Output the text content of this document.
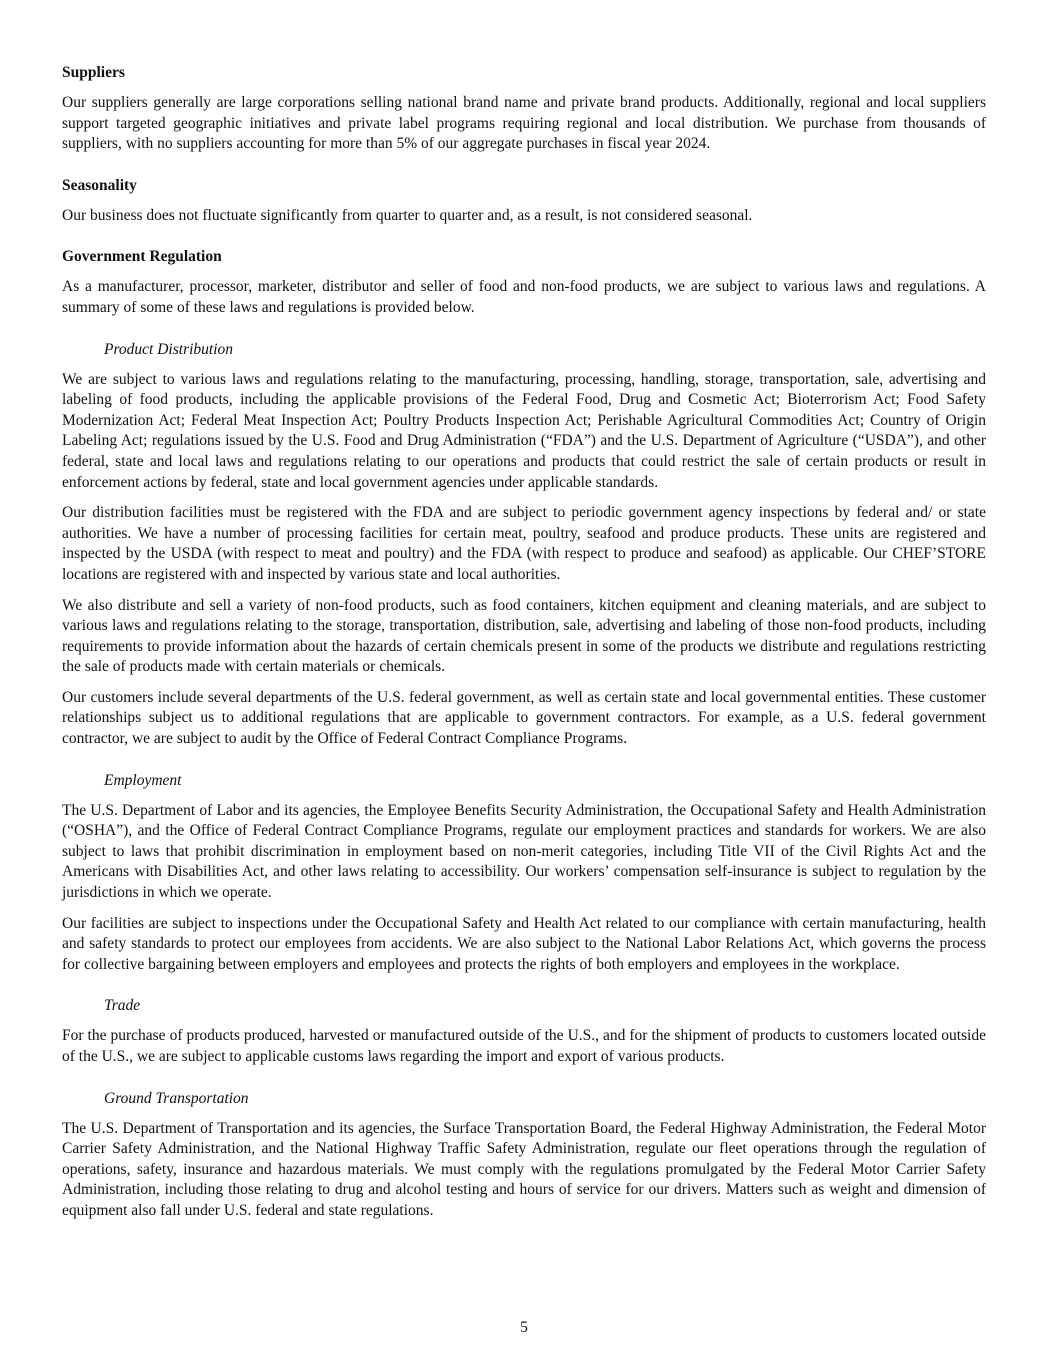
Suppliers

Our suppliers generally are large corporations selling national brand name and private brand products. Additionally, regional and local suppliers support targeted geographic initiatives and private label programs requiring regional and local distribution. We purchase from thousands of suppliers, with no suppliers accounting for more than 5% of our aggregate purchases in fiscal year 2024.

Seasonality

Our business does not fluctuate significantly from quarter to quarter and, as a result, is not considered seasonal.

Government Regulation

As a manufacturer, processor, marketer, distributor and seller of food and non-food products, we are subject to various laws and regulations. A summary of some of these laws and regulations is provided below.

Product Distribution

We are subject to various laws and regulations relating to the manufacturing, processing, handling, storage, transportation, sale, advertising and labeling of food products, including the applicable provisions of the Federal Food, Drug and Cosmetic Act; Bioterrorism Act; Food Safety Modernization Act; Federal Meat Inspection Act; Poultry Products Inspection Act; Perishable Agricultural Commodities Act; Country of Origin Labeling Act; regulations issued by the U.S. Food and Drug Administration (“FDA”) and the U.S. Department of Agriculture (“USDA”), and other federal, state and local laws and regulations relating to our operations and products that could restrict the sale of certain products or result in enforcement actions by federal, state and local government agencies under applicable standards.

Our distribution facilities must be registered with the FDA and are subject to periodic government agency inspections by federal and/ or state authorities. We have a number of processing facilities for certain meat, poultry, seafood and produce products. These units are registered and inspected by the USDA (with respect to meat and poultry) and the FDA (with respect to produce and seafood) as applicable. Our CHEF’STORE locations are registered with and inspected by various state and local authorities.

We also distribute and sell a variety of non-food products, such as food containers, kitchen equipment and cleaning materials, and are subject to various laws and regulations relating to the storage, transportation, distribution, sale, advertising and labeling of those non-food products, including requirements to provide information about the hazards of certain chemicals present in some of the products we distribute and regulations restricting the sale of products made with certain materials or chemicals.

Our customers include several departments of the U.S. federal government, as well as certain state and local governmental entities. These customer relationships subject us to additional regulations that are applicable to government contractors. For example, as a U.S. federal government contractor, we are subject to audit by the Office of Federal Contract Compliance Programs.

Employment

The U.S. Department of Labor and its agencies, the Employee Benefits Security Administration, the Occupational Safety and Health Administration (“OSHA”), and the Office of Federal Contract Compliance Programs, regulate our employment practices and standards for workers. We are also subject to laws that prohibit discrimination in employment based on non-merit categories, including Title VII of the Civil Rights Act and the Americans with Disabilities Act, and other laws relating to accessibility. Our workers’ compensation self-insurance is subject to regulation by the jurisdictions in which we operate.

Our facilities are subject to inspections under the Occupational Safety and Health Act related to our compliance with certain manufacturing, health and safety standards to protect our employees from accidents. We are also subject to the National Labor Relations Act, which governs the process for collective bargaining between employers and employees and protects the rights of both employers and employees in the workplace.

Trade

For the purchase of products produced, harvested or manufactured outside of the U.S., and for the shipment of products to customers located outside of the U.S., we are subject to applicable customs laws regarding the import and export of various products.

Ground Transportation

The U.S. Department of Transportation and its agencies, the Surface Transportation Board, the Federal Highway Administration, the Federal Motor Carrier Safety Administration, and the National Highway Traffic Safety Administration, regulate our fleet operations through the regulation of operations, safety, insurance and hazardous materials. We must comply with the regulations promulgated by the Federal Motor Carrier Safety Administration, including those relating to drug and alcohol testing and hours of service for our drivers. Matters such as weight and dimension of equipment also fall under U.S. federal and state regulations.

5
